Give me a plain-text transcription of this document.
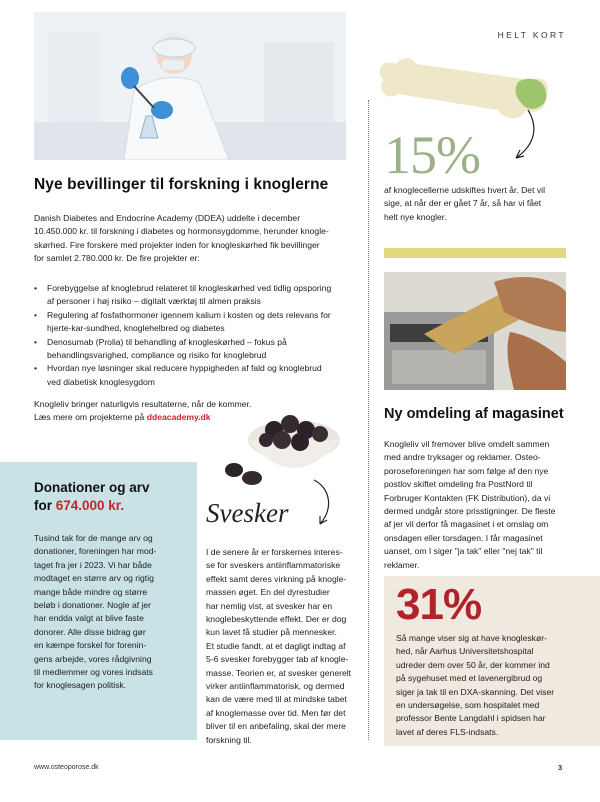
HELT KORT
Nye bevillinger til forskning i knoglerne
Danish Diabetes and Endocrine Academy (DDEA) uddelte i december
10.450.000 kr. til forskning i diabetes og hormonsygdomme, herunder knogle-
skørhed. Fire forskere med projekter inden for knogleskørhed fik bevillinger
for samlet 2.780.000 kr. De fire projekter er:
• Forebyggelse af knoglebrud relateret til knogleskørhed ved tidlig opsporing
af personer i høj risiko – digitalt værktøj til almen praksis
• Regulering af fosfathormoner igennem kalium i kosten og dets relevans for
hjerte-kar-sundhed, knoglehelbred og diabetes
• Denosumab (Prolia) til behandling af knogleskørhed – fokus på
behandlingsvarighed, compliance og risiko for knoglebrud
• Hvordan nye løsninger skal reducere hyppigheden af fald og knoglebrud
ved diabetisk knoglesygdom
Knogleliv bringer naturligvis resultaterne, når de kommer.
Læs mere om projekterne på ddeacademy.dk
15%
af knoglecellerne udskiftes hvert år. Det vil
sige, at når der er gået 7 år, så har vi fået
helt nye knogler.
Ny omdeling af magasinet
Knogleliv vil fremover blive omdelt sammen
med andre tryksager og reklamer. Osteo-
poroseforeningen har som følge af den nye
postlov skiftet omdeling fra PostNord til
Forbruger Kontakten (FK Distribution), da vi
dermed undgår store prisstigninger. De fleste
af jer vil derfor få magasinet i et omslag om
onsdagen eller torsdagen. I får magasinet
uanset, om I siger "ja tak" eller "nej tak" til
reklamer.
Donationer og arv
for 674.000 kr.
Tusind tak for de mange arv og
donationer, foreningen har mod-
taget fra jer i 2023. Vi har både
modtaget en større arv og rigtig
mange både mindre og større
beløb i donationer. Nogle af jer
har endda valgt at blive faste
donorer. Alle disse bidrag gør
en kæmpe forskel for forenin-
gens arbejde, vores rådgivning
til medlemmer og vores indsats
for knoglesagen politisk.
Svesker
I de senere år er forskernes interes-
se for sveskers antiinflammatoriske
effekt samt deres virkning på knogle-
massen øget. En del dyrestudier
har nemlig vist, at svesker har en
knoglebeskyttende effekt. Der er dog
kun lavet få studier på mennesker.
Et studie fandt, at et dagligt indtag af
5-6 svesker forebygger tab af knogle-
masse. Teorien er, at svesker generelt
virker antiinflammatorisk, og dermed
kan de være med til at mindske tabet
af knoglemasse over tid. Men før det
bliver til en anbefaling, skal der mere
forskning til.
31%
Så mange viser sig at have knogleskør-
hed, når Aarhus Universitetshospital
udreder dem over 50 år, der kommer ind
på sygehuset med et lavenergibrud og
siger ja tak til en DXA-skanning. Det viser
en undersøgelse, som hospitalet med
professor Bente Langdahl i spidsen har
lavet af deres FLS-indsats.
www.osteoporose.dk	3
